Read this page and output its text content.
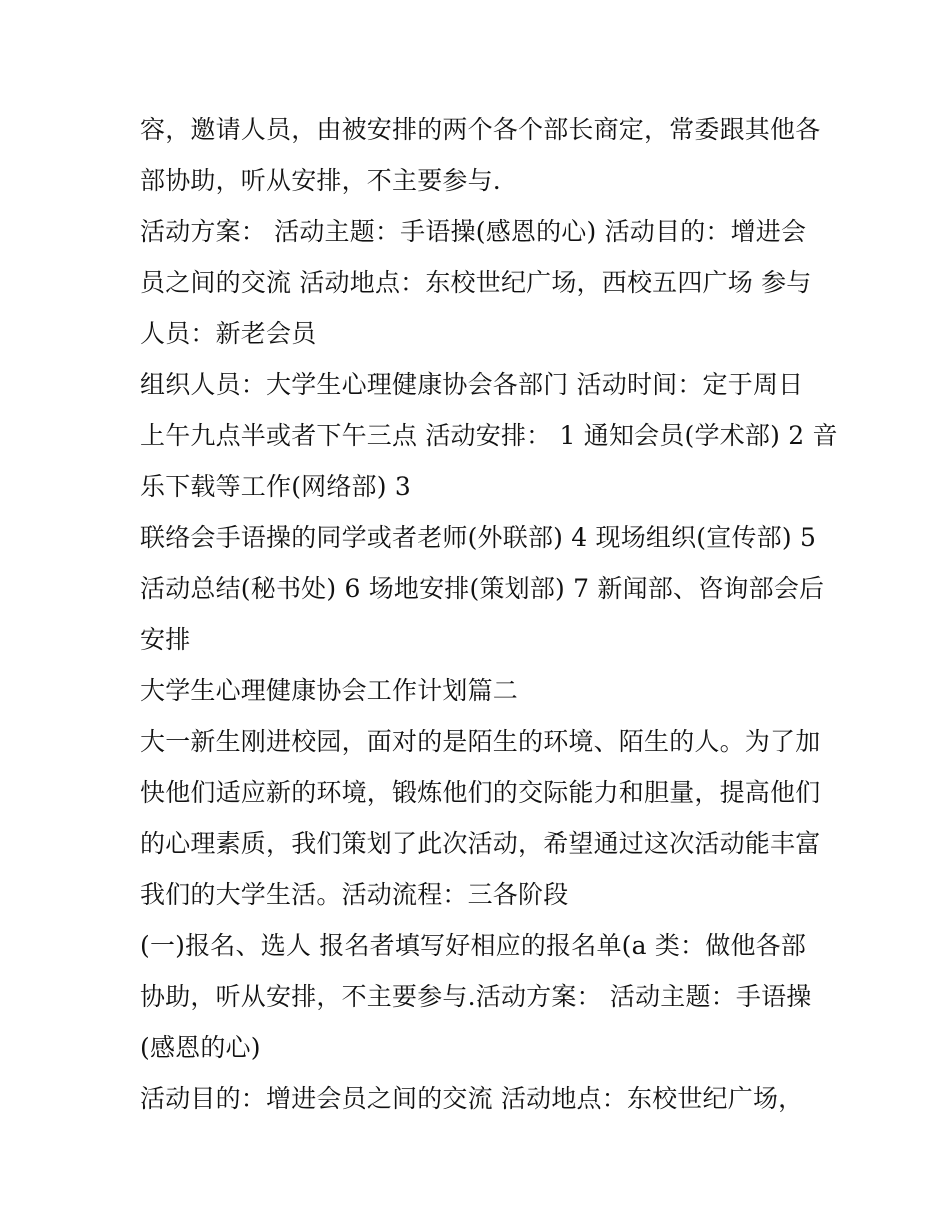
容，邀请人员，由被安排的两个各个部长商定，常委跟其他各
部协助，听从安排，不主要参与.
活动方案： 活动主题：手语操(感恩的心) 活动目的：增进会
员之间的交流 活动地点：东校世纪广场，西校五四广场 参与
人员：新老会员
组织人员：大学生心理健康协会各部门 活动时间：定于周日
上午九点半或者下午三点 活动安排： 1 通知会员(学术部) 2 音
乐下载等工作(网络部) 3
联络会手语操的同学或者老师(外联部) 4 现场组织(宣传部) 5
活动总结(秘书处) 6 场地安排(策划部) 7 新闻部、咨询部会后
安排
大学生心理健康协会工作计划篇二
大一新生刚进校园，面对的是陌生的环境、陌生的人。为了加
快他们适应新的环境，锻炼他们的交际能力和胆量，提高他们
的心理素质，我们策划了此次活动，希望通过这次活动能丰富
我们的大学生活。活动流程：三各阶段
(一)报名、选人 报名者填写好相应的报名单(a 类：做他各部
协助，听从安排，不主要参与.活动方案： 活动主题：手语操
(感恩的心)
活动目的：增进会员之间的交流 活动地点：东校世纪广场，
